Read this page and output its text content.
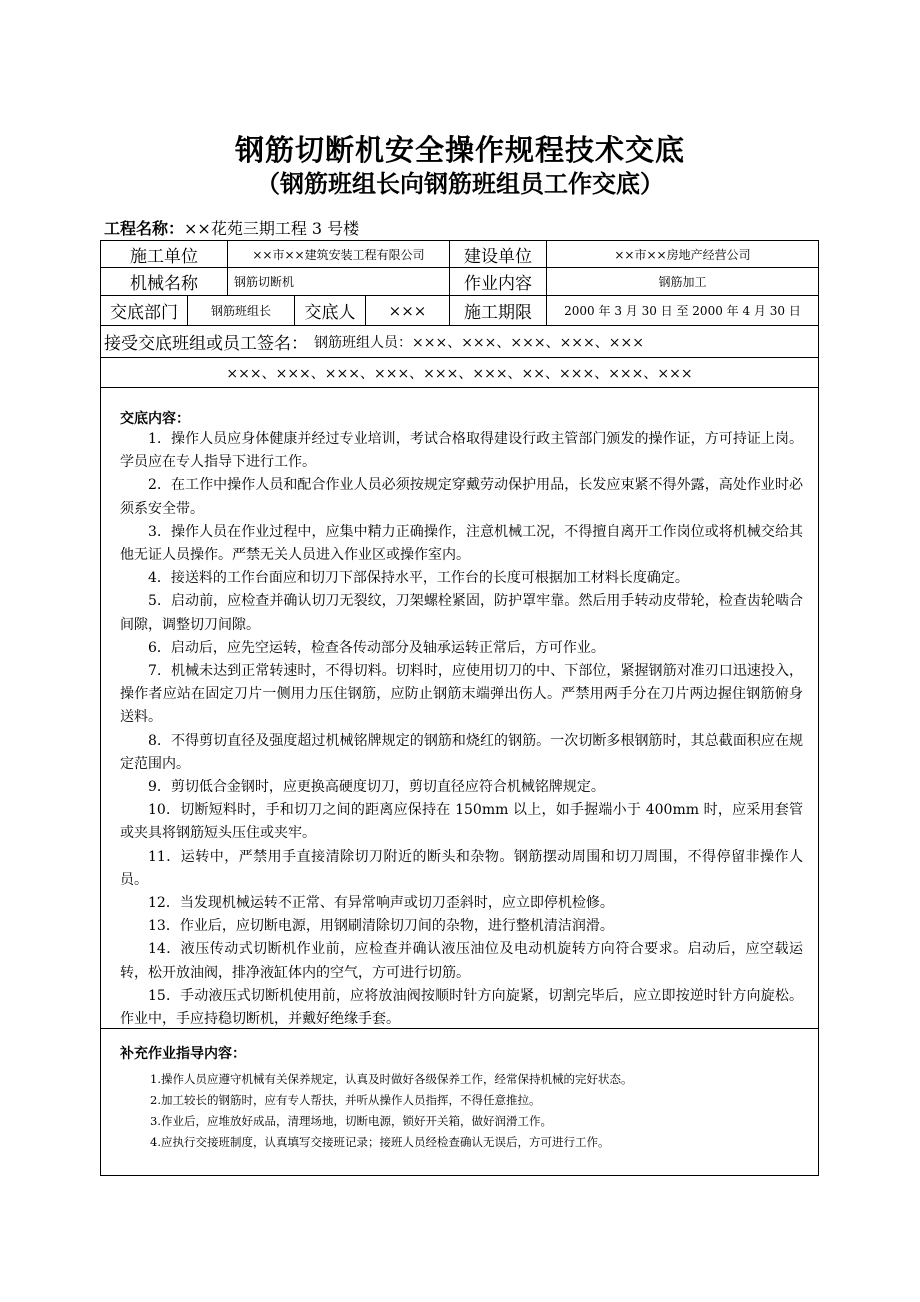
钢筋切断机安全操作规程技术交底
（钢筋班组长向钢筋班组员工作交底）
工程名称：××花苑三期工程 3 号楼
施工单位	××市××建筑安装工程有限公司	建设单位	××市××房地产经营公司
机械名称	钢筋切断机	作业内容	钢筋加工
交底部门	钢筋班组长	交底人	×××	施工期限	2000 年 3 月 30 日 至 2000 年 4 月 30 日
接受交底班组或员工签名： 钢筋班组人员：×××、×××、×××、×××、×××
×××、×××、×××、×××、×××、×××、××、×××、×××、×××
交底内容：

1．操作人员应身体健康并经过专业培训，考试合格取得建设行政主管部门颁发的操作证，方可持证上岗。学员应在专人指导下进行工作。

2．在工作中操作人员和配合作业人员必须按规定穿戴劳动保护用品，长发应束紧不得外露，高处作业时必须系安全带。

3．操作人员在作业过程中，应集中精力正确操作，注意机械工况，不得擅自离开工作岗位或将机械交给其他无证人员操作。严禁无关人员进入作业区或操作室内。

4．接送料的工作台面应和切刀下部保持水平，工作台的长度可根据加工材料长度确定。

5．启动前，应检查并确认切刀无裂纹，刀架螺栓紧固，防护罩牢靠。然后用手转动皮带轮，检查齿轮啮合间隙，调整切刀间隙。

6．启动后，应先空运转，检查各传动部分及轴承运转正常后，方可作业。

7．机械未达到正常转速时，不得切料。切料时，应使用切刀的中、下部位，紧握钢筋对准刃口迅速投入，操作者应站在固定刀片一侧用力压住钢筋，应防止钢筋末端弹出伤人。严禁用两手分在刀片两边握住钢筋俯身送料。

8．不得剪切直径及强度超过机械铭牌规定的钢筋和烧红的钢筋。一次切断多根钢筋时，其总截面积应在规定范围内。

9．剪切低合金钢时，应更换高硬度切刀，剪切直径应符合机械铭牌规定。

10．切断短料时，手和切刀之间的距离应保持在 150mm 以上，如手握端小于 400mm 时，应采用套管或夹具将钢筋短头压住或夹牢。

11．运转中，严禁用手直接清除切刀附近的断头和杂物。钢筋摆动周围和切刀周围，不得停留非操作人员。

12．当发现机械运转不正常、有异常响声或切刀歪斜时，应立即停机检修。

13．作业后，应切断电源，用钢刷清除切刀间的杂物，进行整机清洁润滑。

14．液压传动式切断机作业前，应检查并确认液压油位及电动机旋转方向符合要求。启动后，应空载运转，松开放油阀，排净液缸体内的空气，方可进行切筋。

15．手动液压式切断机使用前，应将放油阀按顺时针方向旋紧，切割完毕后，应立即按逆时针方向旋松。作业中，手应持稳切断机，并戴好绝缘手套。

补充作业指导内容：

1.操作人员应遵守机械有关保养规定，认真及时做好各级保养工作，经常保持机械的完好状态。

2.加工较长的钢筋时，应有专人帮扶，并听从操作人员指挥，不得任意推拉。

3.作业后，应堆放好成品，清理场地，切断电源，锁好开关箱，做好润滑工作。

4.应执行交接班制度，认真填写交接班记录；接班人员经检查确认无误后，方可进行工作。
